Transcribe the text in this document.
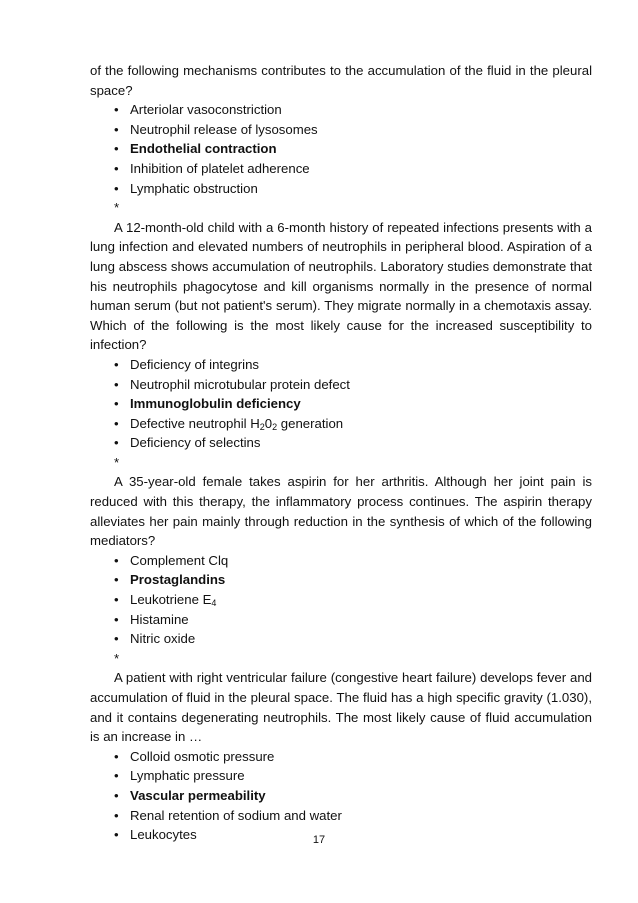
of the following mechanisms contributes to the accumulation of the fluid in the pleural space?

• Arteriolar vasoconstriction
• Neutrophil release of lysosomes
• Endothelial contraction
• Inhibition of platelet adherence
• Lymphatic obstruction
*

A 12-month-old child with a 6-month history of repeated infections presents with a lung infection and elevated numbers of neutrophils in peripheral blood. Aspiration of a lung abscess shows accumulation of neutrophils. Laboratory studies demonstrate that his neutrophils phagocytose and kill organisms normally in the presence of normal human serum (but not patient's serum). They migrate normally in a chemotaxis assay. Which of the following is the most likely cause for the increased susceptibility to infection?

• Deficiency of integrins
• Neutrophil microtubular protein defect
• Immunoglobulin deficiency
• Defective neutrophil $H_20_2$ generation
• Deficiency of selectins
*

A 35-year-old female takes aspirin for her arthritis. Although her joint pain is reduced with this therapy, the inflammatory process continues. The aspirin therapy alleviates her pain mainly through reduction in the synthesis of which of the following mediators?

• Complement Clq
• Prostaglandins
• Leukotriene $E_4$
• Histamine
• Nitric oxide
*

A patient with right ventricular failure (congestive heart failure) develops fever and accumulation of fluid in the pleural space. The fluid has a high specific gravity (1.030), and it contains degenerating neutrophils. The most likely cause of fluid accumulation is an increase in …

• Colloid osmotic pressure
• Lymphatic pressure
• Vascular permeability
• Renal retention of sodium and water
• Leukocytes	17
